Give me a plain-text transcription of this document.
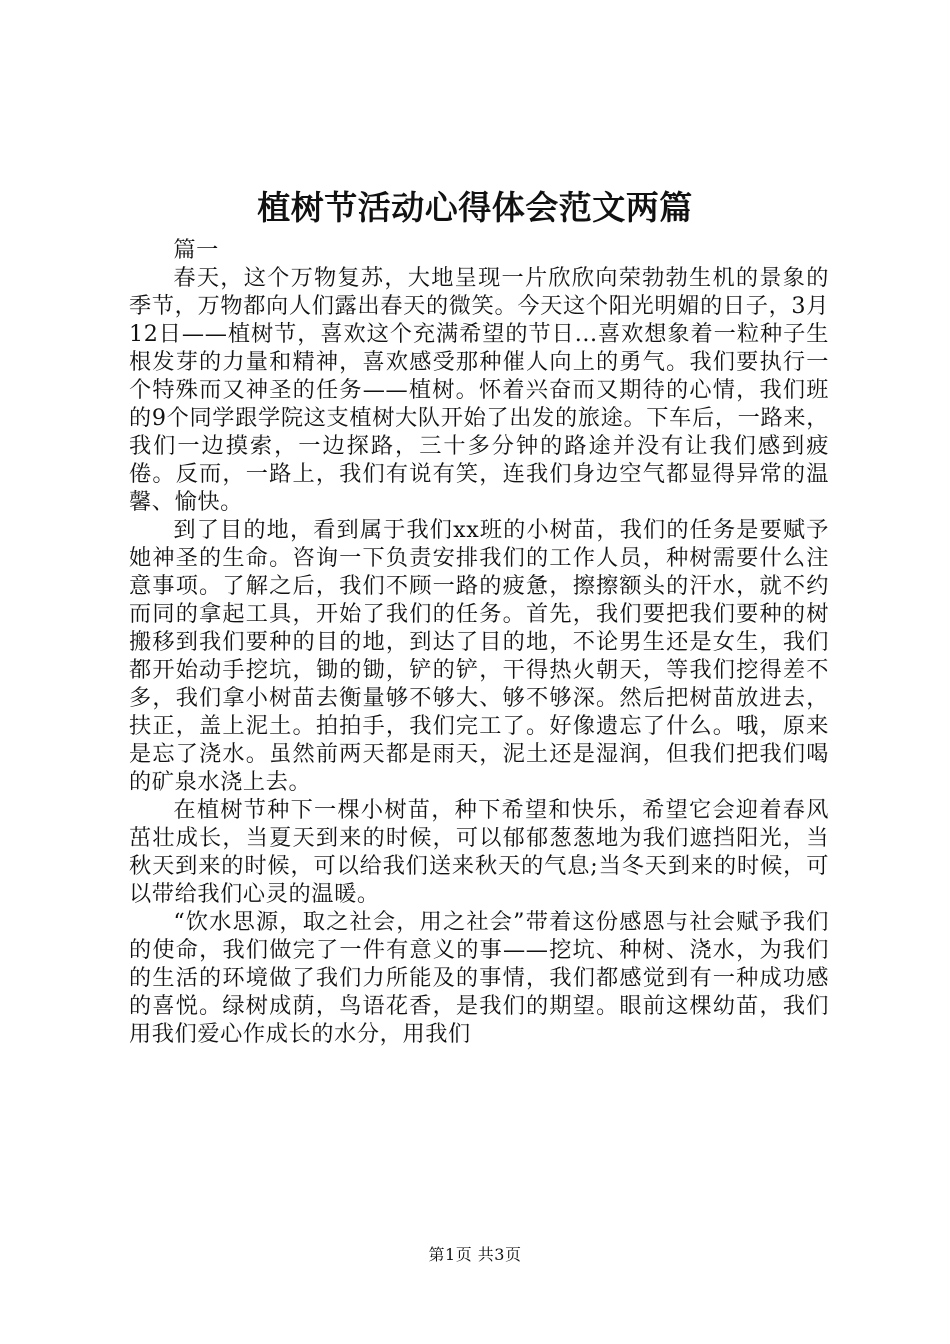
植树节活动心得体会范文两篇

篇一

春天，这个万物复苏，大地呈现一片欣欣向荣勃勃生机的景象的季节，万物都向人们露出春天的微笑。今天这个阳光明媚的日子，3月12日——植树节，喜欢这个充满希望的节日...喜欢想象着一粒种子生根发芽的力量和精神，喜欢感受那种催人向上的勇气。我们要执行一个特殊而又神圣的任务——植树。怀着兴奋而又期待的心情，我们班的9个同学跟学院这支植树大队开始了出发的旅途。下车后，一路来，我们一边摸索，一边探路，三十多分钟的路途并没有让我们感到疲倦。反而，一路上，我们有说有笑，连我们身边空气都显得异常的温馨、愉快。

到了目的地，看到属于我们xx班的小树苗，我们的任务是要赋予她神圣的生命。咨询一下负责安排我们的工作人员，种树需要什么注意事项。了解之后，我们不顾一路的疲惫，擦擦额头的汗水，就不约而同的拿起工具，开始了我们的任务。首先，我们要把我们要种的树搬移到我们要种的目的地，到达了目的地，不论男生还是女生，我们都开始动手挖坑，锄的锄，铲的铲，干得热火朝天，等我们挖得差不多，我们拿小树苗去衡量够不够大、够不够深。然后把树苗放进去，扶正，盖上泥土。拍拍手，我们完工了。好像遗忘了什么。哦，原来是忘了浇水。虽然前两天都是雨天，泥土还是湿润，但我们把我们喝的矿泉水浇上去。

在植树节种下一棵小树苗，种下希望和快乐，希望它会迎着春风茁壮成长，当夏天到来的时候，可以郁郁葱葱地为我们遮挡阳光，当秋天到来的时候，可以给我们送来秋天的气息;当冬天到来的时候，可以带给我们心灵的温暖。

“饮水思源，取之社会，用之社会”带着这份感恩与社会赋予我们的使命，我们做完了一件有意义的事——挖坑、种树、浇水，为我们的生活的环境做了我们力所能及的事情，我们都感觉到有一种成功感的喜悦。绿树成荫，鸟语花香，是我们的期望。眼前这棵幼苗，我们用我们爱心作成长的水分，用我们

第1页 共3页
